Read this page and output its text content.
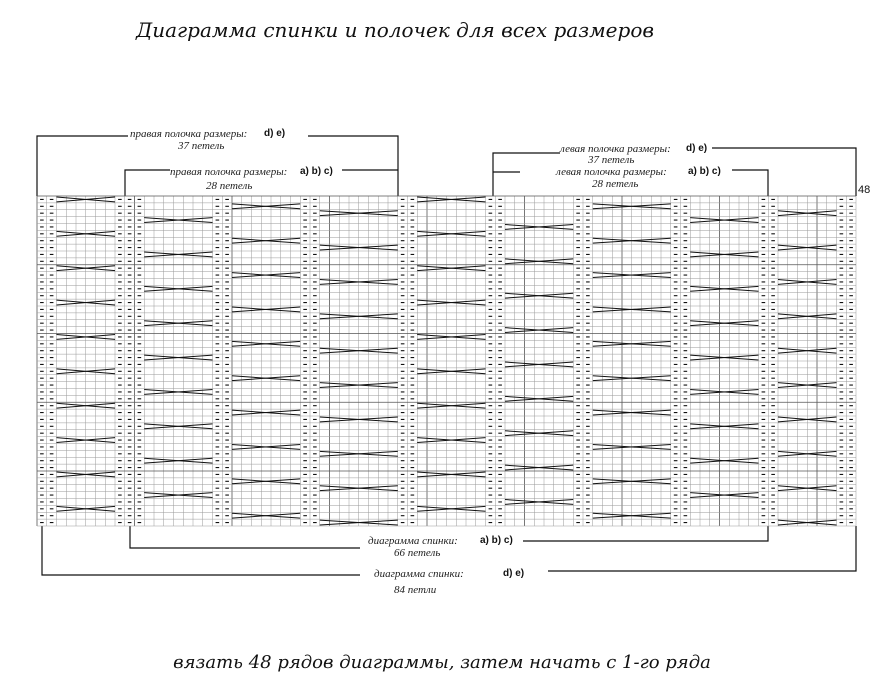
Диаграмма спинки и полочек для всех размеров
правая полочка размеры: d) e)
37 петель
правая полочка размеры: a) b) c)
28 петель
левая полочка размеры: d) e)
37 петель
левая полочка размеры: a) b) c)
28 петель	48
диаграмма спинки: a) b) c)
66 петель
диаграмма спинки:	d) e)
84 петли
вязать 48 рядов диаграммы, затем начать с 1-го ряда
